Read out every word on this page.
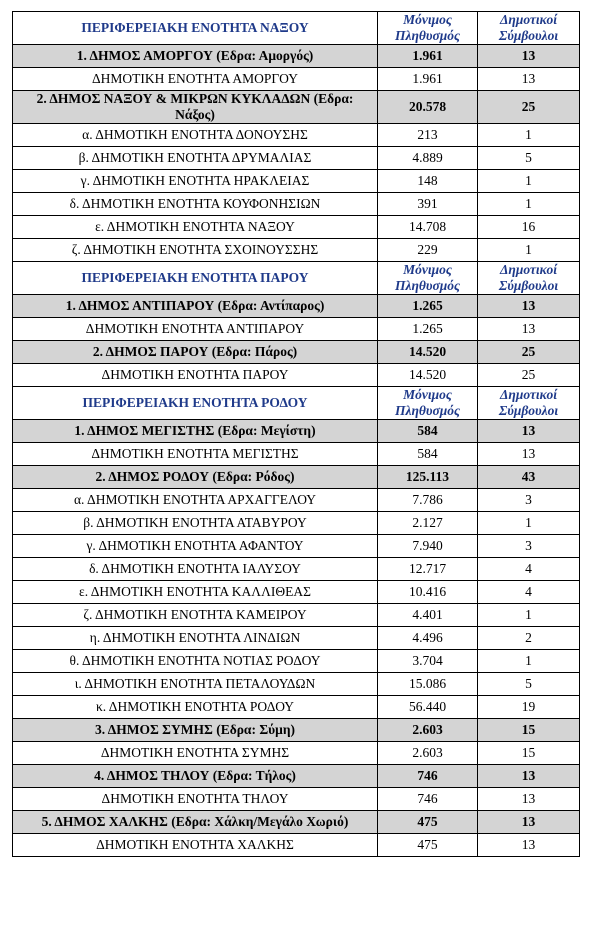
ΠΕΡΙΦΕΡΕΙΑΚΗ ΕΝΟΤΗΤΑ ΝΑΞΟΥ	Μόνιμος Πληθυσμός	Δημοτικοί Σύμβουλοι
1. ΔΗΜΟΣ ΑΜΟΡΓΟΥ (Εδρα: Αμοργός)	1.961	13
ΔΗΜΟΤΙΚΗ ΕΝΟΤΗΤΑ ΑΜΟΡΓΟΥ	1.961	13
2. ΔΗΜΟΣ ΝΑΞΟΥ & ΜΙΚΡΩΝ ΚΥΚΛΑΔΩΝ (Εδρα: Νάξος)	20.578	25
α. ΔΗΜΟΤΙΚΗ ΕΝΟΤΗΤΑ ΔΟΝΟΥΣΗΣ	213	1
β. ΔΗΜΟΤΙΚΗ ΕΝΟΤΗΤΑ ΔΡΥΜΑΛΙΑΣ	4.889	5
γ. ΔΗΜΟΤΙΚΗ ΕΝΟΤΗΤΑ ΗΡΑΚΛΕΙΑΣ	148	1
δ. ΔΗΜΟΤΙΚΗ ΕΝΟΤΗΤΑ ΚΟΥΦΟΝΗΣΙΩΝ	391	1
ε. ΔΗΜΟΤΙΚΗ ΕΝΟΤΗΤΑ ΝΑΞΟΥ	14.708	16
ζ. ΔΗΜΟΤΙΚΗ ΕΝΟΤΗΤΑ ΣΧΟΙΝΟΥΣΣΗΣ	229	1
ΠΕΡΙΦΕΡΕΙΑΚΗ ΕΝΟΤΗΤΑ ΠΑΡΟΥ	Μόνιμος Πληθυσμός	Δημοτικοί Σύμβουλοι
1. ΔΗΜΟΣ ΑΝΤΙΠΑΡΟΥ (Εδρα: Αντίπαρος)	1.265	13
ΔΗΜΟΤΙΚΗ ΕΝΟΤΗΤΑ ΑΝΤΙΠΑΡΟΥ	1.265	13
2. ΔΗΜΟΣ ΠΑΡΟΥ (Εδρα: Πάρος)	14.520	25
ΔΗΜΟΤΙΚΗ ΕΝΟΤΗΤΑ ΠΑΡΟΥ	14.520	25
ΠΕΡΙΦΕΡΕΙΑΚΗ ΕΝΟΤΗΤΑ ΡΟΔΟΥ	Μόνιμος Πληθυσμός	Δημοτικοί Σύμβουλοι
1. ΔΗΜΟΣ ΜΕΓΙΣΤΗΣ (Εδρα: Μεγίστη)	584	13
ΔΗΜΟΤΙΚΗ ΕΝΟΤΗΤΑ ΜΕΓΙΣΤΗΣ	584	13
2. ΔΗΜΟΣ ΡΟΔΟΥ (Εδρα: Ρόδος)	125.113	43
α. ΔΗΜΟΤΙΚΗ ΕΝΟΤΗΤΑ ΑΡΧΑΓΓΕΛΟΥ	7.786	3
β. ΔΗΜΟΤΙΚΗ ΕΝΟΤΗΤΑ ΑΤΑΒΥΡΟΥ	2.127	1
γ. ΔΗΜΟΤΙΚΗ ΕΝΟΤΗΤΑ ΑΦΑΝΤΟΥ	7.940	3
δ. ΔΗΜΟΤΙΚΗ ΕΝΟΤΗΤΑ ΙΑΛΥΣΟΥ	12.717	4
ε. ΔΗΜΟΤΙΚΗ ΕΝΟΤΗΤΑ ΚΑΛΛΙΘΕΑΣ	10.416	4
ζ. ΔΗΜΟΤΙΚΗ ΕΝΟΤΗΤΑ ΚΑΜΕΙΡΟΥ	4.401	1
η. ΔΗΜΟΤΙΚΗ ΕΝΟΤΗΤΑ ΛΙΝΔΙΩΝ	4.496	2
θ. ΔΗΜΟΤΙΚΗ ΕΝΟΤΗΤΑ ΝΟΤΙΑΣ ΡΟΔΟΥ	3.704	1
ι. ΔΗΜΟΤΙΚΗ ΕΝΟΤΗΤΑ ΠΕΤΑΛΟΥΔΩΝ	15.086	5
κ. ΔΗΜΟΤΙΚΗ ΕΝΟΤΗΤΑ ΡΟΔΟΥ	56.440	19
3. ΔΗΜΟΣ ΣΥΜΗΣ (Εδρα: Σύμη)	2.603	15
ΔΗΜΟΤΙΚΗ ΕΝΟΤΗΤΑ ΣΥΜΗΣ	2.603	15
4. ΔΗΜΟΣ ΤΗΛΟΥ (Εδρα: Τήλος)	746	13
ΔΗΜΟΤΙΚΗ ΕΝΟΤΗΤΑ ΤΗΛΟΥ	746	13
5. ΔΗΜΟΣ ΧΑΛΚΗΣ (Εδρα: Χάλκη/Μεγάλο Χωριό)	475	13
ΔΗΜΟΤΙΚΗ ΕΝΟΤΗΤΑ ΧΑΛΚΗΣ	475	13
